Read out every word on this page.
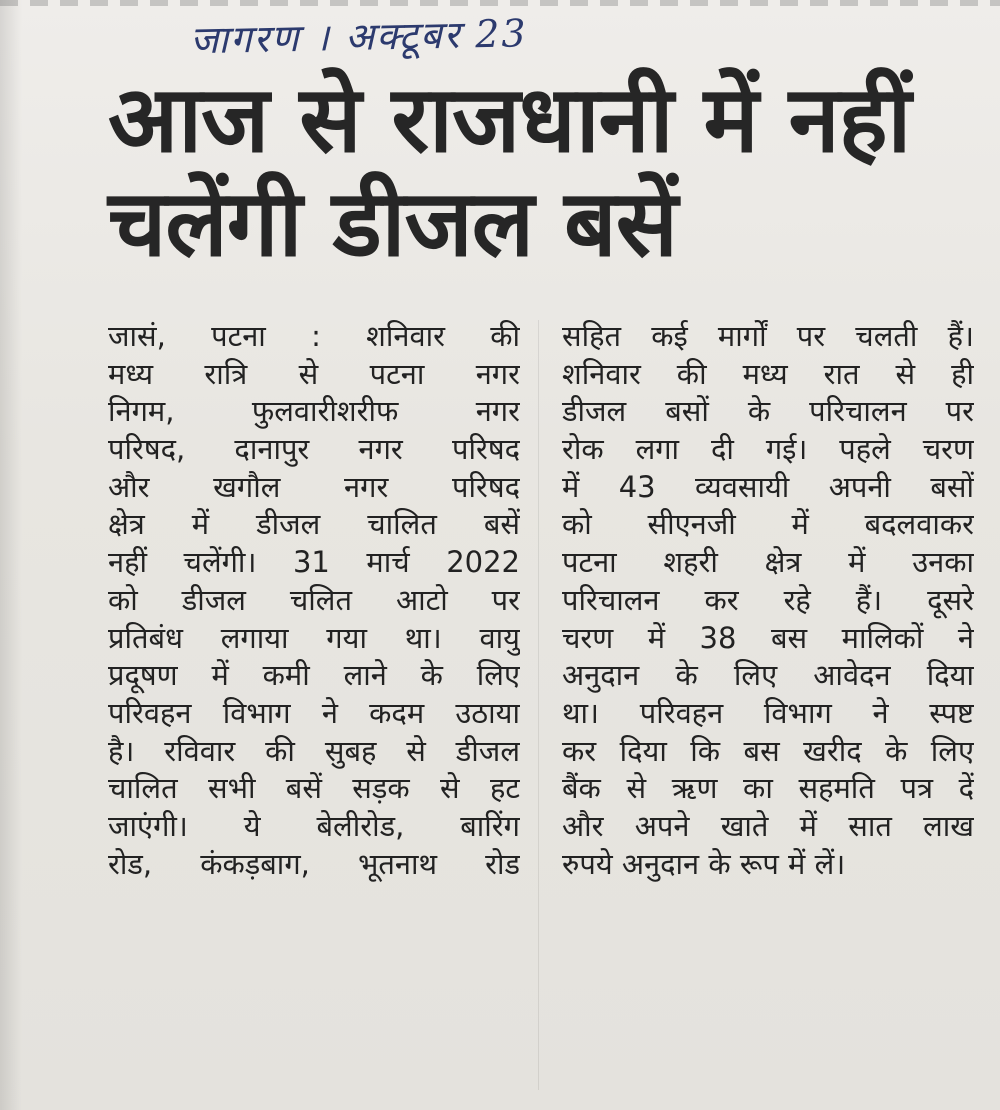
जागरण । अक्टूबर 23
आज से राजधानी में नहीं
चलेंगी डीजल बसें
जासं, पटना : शनिवार की
मध्य रात्रि से पटना नगर
निगम, फुलवारीशरीफ नगर
परिषद, दानापुर नगर परिषद
और खगौल नगर परिषद
क्षेत्र में डीजल चालित बसें
नहीं चलेंगी। 31 मार्च 2022
को डीजल चलित आटो पर
प्रतिबंध लगाया गया था। वायु
प्रदूषण में कमी लाने के लिए
परिवहन विभाग ने कदम उठाया
है। रविवार की सुबह से डीजल
चालित सभी बसें सड़क से हट
जाएंगी। ये बेलीरोड, बारिंग
रोड, कंकड़बाग, भूतनाथ रोड
सहित कई मार्गों पर चलती हैं।
शनिवार की मध्य रात से ही
डीजल बसों के परिचालन पर
रोक लगा दी गई। पहले चरण
में 43 व्यवसायी अपनी बसों
को सीएनजी में बदलवाकर
पटना शहरी क्षेत्र में उनका
परिचालन कर रहे हैं। दूसरे
चरण में 38 बस मालिकों ने
अनुदान के लिए आवेदन दिया
था। परिवहन विभाग ने स्पष्ट
कर दिया कि बस खरीद के लिए
बैंक से ऋण का सहमति पत्र दें
और अपने खाते में सात लाख
रुपये अनुदान के रूप में लें।
